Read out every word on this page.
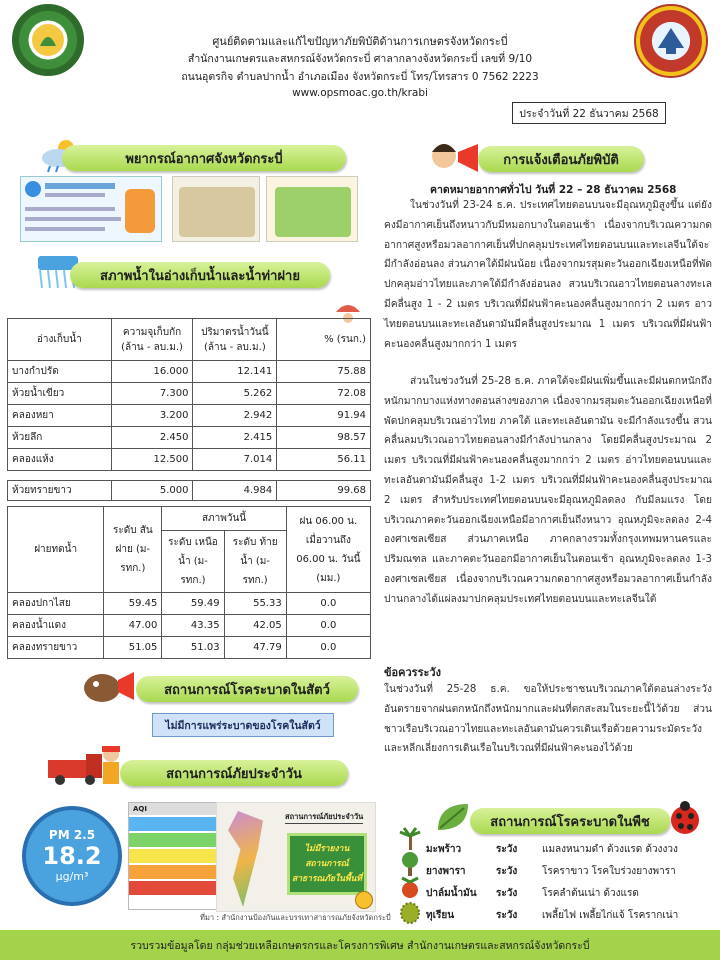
ศูนย์ติดตามและแก้ไขปัญหาภัยพิบัติด้านการเกษตรจังหวัดกระบี่
สำนักงานเกษตรและสหกรณ์จังหวัดกระบี่ ศาลากลางจังหวัดกระบี่ เลขที่ 9/10
ถนนอุตรกิจ ตำบลปากน้ำ อำเภอเมือง จังหวัดกระบี่ โทร/โทรสาร 0 7562 2223
www.opsmoac.go.th/krabi
ประจำวันที่ 22 ธันวาคม 2568
พยากรณ์อากาศจังหวัดกระบี่
สภาพน้ำในอ่างเก็บน้ำและน้ำท่าฝาย
อ่างเก็บน้ำ	ความจุเก็บกัก (ล้าน - ลบ.ม.)	ปริมาตรน้ำวันนี้ (ล้าน - ลบ.ม.)	% (รนก.)
บางกำปรัด	16.000	12.141	75.88
ห้วยน้ำเขียว	7.300	5.262	72.08
คลองหยา	3.200	2.942	91.94
ห้วยลึก	2.450	2.415	98.57
คลองแห้ง	12.500	7.014	56.11
ห้วยทรายขาว	5.000	4.984	99.68
ฝายทดน้ำ	ระดับ สันฝาย (ม-รทก.)	สภาพวันนี้		ฝน 06.00 น. เมื่อวานถึง 06.00 น. วันนี้ (มม.)
		ระดับ เหนือน้ำ (ม-รทก.)	ระดับ ท้ายน้ำ (ม-รทก.)	
คลองปกาไสย	59.45	59.49	55.33	0.0
คลองน้ำแดง	47.00	43.35	42.05	0.0
คลองทรายขาว	51.05	51.03	47.79	0.0
สถานการณ์โรคระบาดในสัตว์
ไม่มีการแพร่ระบาดของโรคในสัตว์
สถานการณ์ภัยประจำวัน
PM 2.5
18.2
μg/m³
AQI
สถานการณ์ภัยประจำวัน
ไม่มีรายงาน สถานการณ์ สาธารณภัยในพื้นที่
ที่มา : สำนักงานป้องกันและบรรเทาสาธารณภัยจังหวัดกระบี่
การแจ้งเตือนภัยพิบัติ
คาดหมายอากาศทั่วไป วันที่ 22 – 28 ธันวาคม 2568
ในช่วงวันที่ 23-24 ธ.ค. ประเทศไทยตอนบนจะมีอุณหภูมิสูงขึ้น แต่ยังคงมีอากาศเย็นถึงหนาวกับมีหมอกบางในตอนเช้า เนื่องจากบริเวณความกดอากาศสูงหรือมวลอากาศเย็นที่ปกคลุมประเทศไทยตอนบนและทะเลจีนใต้จะมีกำลังอ่อนลง ส่วนภาคใต้มีฝนน้อย เนื่องจากมรสุมตะวันออกเฉียงเหนือที่พัดปกคลุมอ่าวไทยและภาคใต้มีกำลังอ่อนลง สวนบริเวณอาวไทยตอนลางทะเลมีคลื่นสูง 1 - 2 เมตร บริเวณที่มีฝนฟ้าคะนองคลื่นสูงมากกว่า 2 เมตร อาวไทยตอนบนและทะเลอันดามันมีคลื่นสูงประมาณ 1 เมตร บริเวณที่มีฝนฟ้าคะนองคลื่นสูงมากกว่า 1 เมตร
ส่วนในช่วงวันที่ 25-28 ธ.ค. ภาคใต้จะมีฝนเพิ่มขึ้นและมีฝนตกหนักถึงหนักมากบางแห่งทางตอนล่างของภาค เนื่องจากมรสุมตะวันออกเฉียงเหนือที่พัดปกคลุมบริเวณอ่าวไทย ภาคใต้ และทะเลอันดามัน จะมีกำลังแรงขึ้น สวนคลื่นลมบริเวณอาวไทยตอนลางมีกำลังปานกลาง โดยมีคลื่นสูงประมาณ 2 เมตร บริเวณที่มีฝนฟ้าคะนองคลื่นสูงมากกว่า 2 เมตร อ่าวไทยตอนบนและทะเลอันดามันมีคลื่นสูง 1-2 เมตร บริเวณที่มีฝนฟ้าคะนองคลื่นสูงประมาณ 2 เมตร สำหรับประเทศไทยตอนบนจะมีอุณหภูมิลดลง กับมีลมแรง โดยบริเวณภาคตะวันออกเฉียงเหนือมีอากาศเย็นถึงหนาว อุณหภูมิจะลดลง 2-4 องศาเซลเซียส ส่วนภาคเหนือ ภาคกลางรวมทั้งกรุงเทพมหานครและปริมณฑล และภาคตะวันออกมีอากาศเย็นในตอนเช้า อุณหภูมิจะลดลง 1-3 องศาเซลเซียส เนื่องจากบริเวณความกดอากาศสูงหรือมวลอากาศเย็นกำลังปานกลางได้แผ่ลงมาปกคลุมประเทศไทยตอนบนและทะเลจีนใต้
ข้อควรระวัง
ในช่วงวันที่ 25-28 ธ.ค. ขอให้ประชาชนบริเวณภาคใต้ตอนล่างระวังอันตรายจากฝนตกหนักถึงหนักมากและฝนที่ตกสะสมในระยะนี้ไว้ด้วย ส่วนชาวเรือบริเวณอาวไทยและทะเลอันดามันควรเดินเรือด้วยความระมัดระวัง และหลีกเลี่ยงการเดินเรือในบริเวณที่มีฝนฟ้าคะนองไว้ด้วย
สถานการณ์โรคระบาดในพืช
มะพร้าว	ระวัง	แมลงหนามดำ ด้วงแรด ด้วงงวง
ยางพารา	ระวัง	โรคราขาว โรคใบร่วงยางพารา
ปาล์มน้ำมัน	ระวัง	โรคลำต้นเน่า ด้วงแรด
ทุเรียน	ระวัง	เพลี้ยไฟ เพลี้ยไก่แจ้ โรครากเน่า
รวบรวมข้อมูลโดย กลุ่มช่วยเหลือเกษตรกรและโครงการพิเศษ สำนักงานเกษตรและสหกรณ์จังหวัดกระบี่
